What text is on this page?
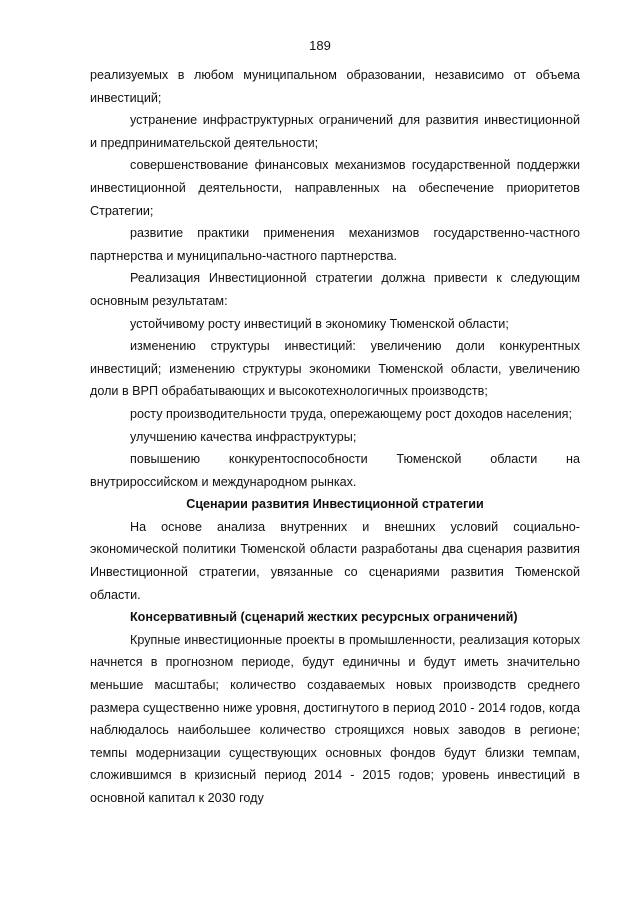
189

реализуемых в любом муниципальном образовании, независимо от объема инвестиций;

устранение инфраструктурных ограничений для развития инвестиционной и предпринимательской деятельности;

совершенствование финансовых механизмов государственной поддержки инвестиционной деятельности, направленных на обеспечение приоритетов Стратегии;

развитие практики применения механизмов государственно-частного партнерства и муниципально-частного партнерства.

Реализация Инвестиционной стратегии должна привести к следующим основным результатам:

устойчивому росту инвестиций в экономику Тюменской области;

изменению структуры инвестиций: увеличению доли конкурентных инвестиций; изменению структуры экономики Тюменской области, увеличению доли в ВРП обрабатывающих и высокотехнологичных производств;

росту производительности труда, опережающему рост доходов населения;

улучшению качества инфраструктуры;

повышению конкурентоспособности Тюменской области на внутрироссийском и международном рынках.

Сценарии развития Инвестиционной стратегии

На основе анализа внутренних и внешних условий социально-экономической политики Тюменской области разработаны два сценария развития Инвестиционной стратегии, увязанные со сценариями развития Тюменской области.

Консервативный (сценарий жестких ресурсных ограничений)

Крупные инвестиционные проекты в промышленности, реализация которых начнется в прогнозном периоде, будут единичны и будут иметь значительно меньшие масштабы; количество создаваемых новых производств среднего размера существенно ниже уровня, достигнутого в период 2010 - 2014 годов, когда наблюдалось наибольшее количество строящихся новых заводов в регионе; темпы модернизации существующих основных фондов будут близки темпам, сложившимся в кризисный период 2014 - 2015 годов; уровень инвестиций в основной капитал к 2030 году
